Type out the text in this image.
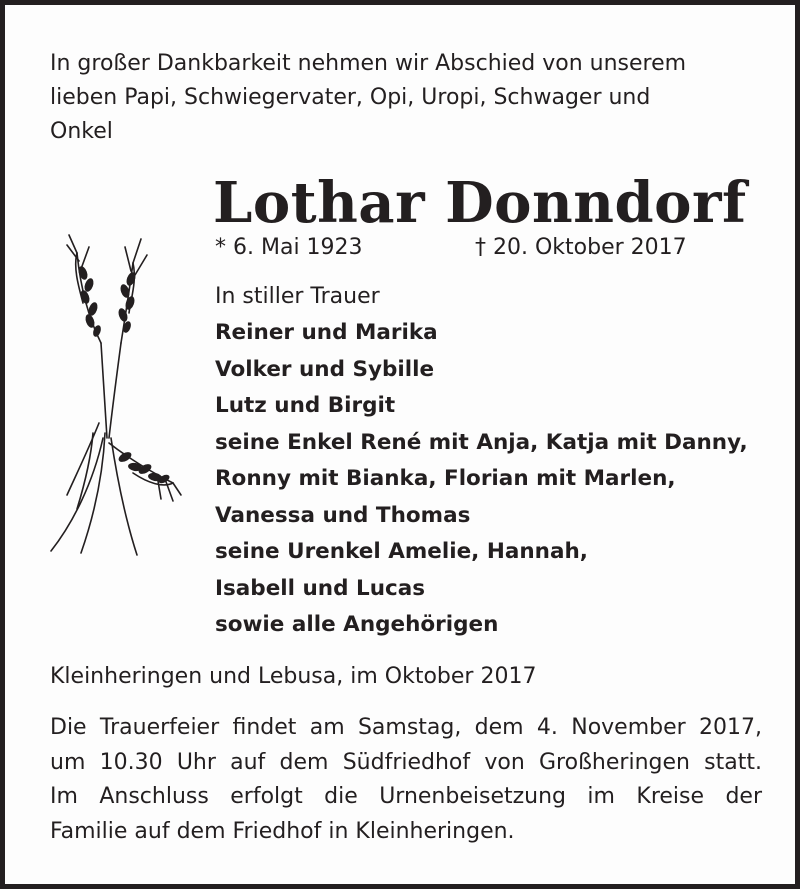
In großer Dankbarkeit nehmen wir Abschied von unserem
lieben Papi, Schwiegervater, Opi, Uropi, Schwager und
Onkel

Lothar Donndorf
* 6. Mai 1923	† 20. Oktober 2017
In stiller Trauer
Reiner und Marika
Volker und Sybille
Lutz und Birgit
seine Enkel René mit Anja, Katja mit Danny,
Ronny mit Bianka, Florian mit Marlen,
Vanessa und Thomas
seine Urenkel Amelie, Hannah,
Isabell und Lucas
sowie alle Angehörigen
Kleinheringen und Lebusa, im Oktober 2017

Die Trauerfeier findet am Samstag, dem 4. November 2017,
um 10.30 Uhr auf dem Südfriedhof von Großheringen statt.
Im Anschluss erfolgt die Urnenbeisetzung im Kreise der
Familie auf dem Friedhof in Kleinheringen.
